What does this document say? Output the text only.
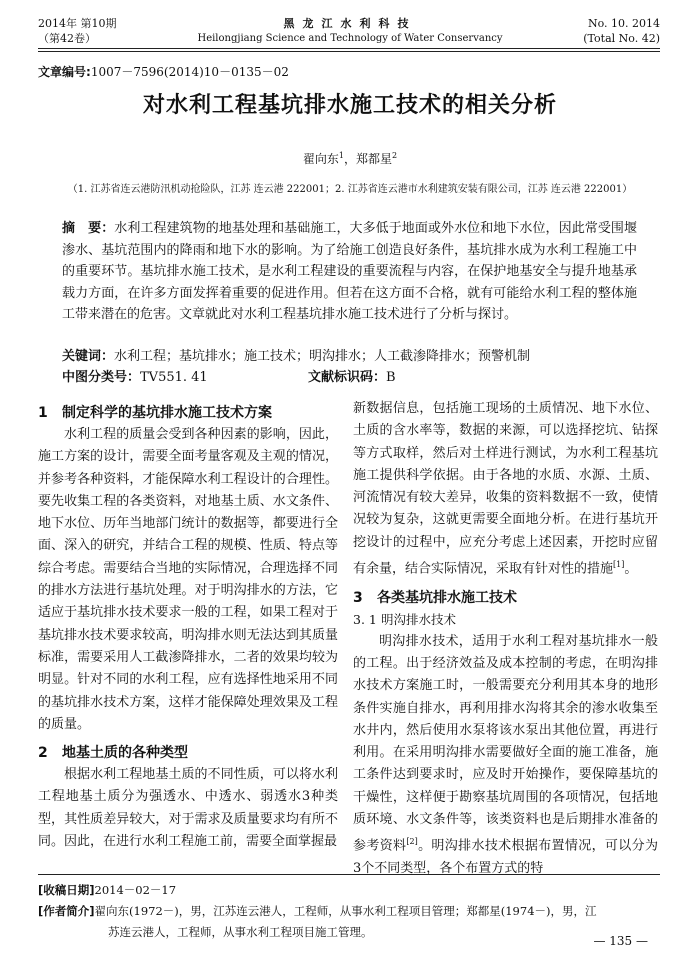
2014年 第10期
（第42卷）
黑龙江水利科技
Heilongjiang Science and Technology of Water Conservancy
No. 10. 2014
(Total No. 42)
文章编号:1007－7596(2014)10－0135－02
对水利工程基坑排水施工技术的相关分析
翟向东$^1$，郑都星$^2$
（1. 江苏省连云港防汛机动抢险队，江苏 连云港 222001；2. 江苏省连云港市水利建筑安装有限公司，江苏 连云港 222001）
摘　要：水利工程建筑物的地基处理和基础施工，大多低于地面或外水位和地下水位，因此常受围堰渗水、基坑范围内的降雨和地下水的影响。为了给施工创造良好条件，基坑排水成为水利工程施工中的重要环节。基坑排水施工技术，是水利工程建设的重要流程与内容，在保护地基安全与提升地基承载力方面，在许多方面发挥着重要的促进作用。但若在这方面不合格，就有可能给水利工程的整体施工带来潜在的危害。文章就此对水利工程基坑排水施工技术进行了分析与探讨。
关键词：水利工程；基坑排水；施工技术；明沟排水；人工截渗降排水；预警机制
中图分类号：TV551. 41	文献标识码：B

1 制定科学的基坑排水施工技术方案

水利工程的质量会受到各种因素的影响，因此，施工方案的设计，需要全面考量客观及主观的情况，并参考各种资料，才能保障水利工程设计的合理性。要先收集工程的各类资料，对地基土质、水文条件、地下水位、历年当地部门统计的数据等，都要进行全面、深入的研究，并结合工程的规模、性质、特点等综合考虑。需要结合当地的实际情况，合理选择不同的排水方法进行基坑处理。对于明沟排水的方法，它适应于基坑排水技术要求一般的工程，如果工程对于基坑排水技术要求较高，明沟排水则无法达到其质量标准，需要采用人工截渗降排水，二者的效果均较为明显。针对不同的水利工程，应有选择性地采用不同的基坑排水技术方案，这样才能保障处理效果及工程的质量。

2 地基土质的各种类型

根据水利工程地基土质的不同性质，可以将水利工程地基土质分为强透水、中透水、弱透水3种类型，其性质差异较大，对于需求及质量要求均有所不同。因此，在进行水利工程施工前，需要全面掌握最

新数据信息，包括施工现场的土质情况、地下水位、土质的含水率等，数据的来源，可以选择挖坑、钻探等方式取样，然后对土样进行测试，为水利工程基坑施工提供科学依据。由于各地的水质、水源、土质、河流情况有较大差异，收集的资料数据不一致，使情况较为复杂，这就更需要全面地分析。在进行基坑开挖设计的过程中，应充分考虑上述因素，开挖时应留有余量，结合实际情况，采取有针对性的措施[1]。

3 各类基坑排水施工技术

3. 1 明沟排水技术

明沟排水技术，适用于水利工程对基坑排水一般的工程。出于经济效益及成本控制的考虑，在明沟排水技术方案施工时，一般需要充分利用其本身的地形条件实施自排水，再利用排水沟将其余的渗水收集至水井内，然后使用水泵将该水泵出其他位置，再进行利用。在采用明沟排水需要做好全面的施工准备，施工条件达到要求时，应及时开始操作，要保障基坑的干燥性，这样便于勘察基坑周围的各项情况，包括地质环境、水文条件等，该类资料也是后期排水准备的参考资料[2]。明沟排水技术根据布置情况，可以分为3个不同类型，各个布置方式的特

[收稿日期]2014－02－17
[作者简介]翟向东(1972－)，男，江苏连云港人，工程师，从事水利工程项目管理；郑都星(1974－)，男，江
苏连云港人，工程师，从事水利工程项目施工管理。
— 135 —
